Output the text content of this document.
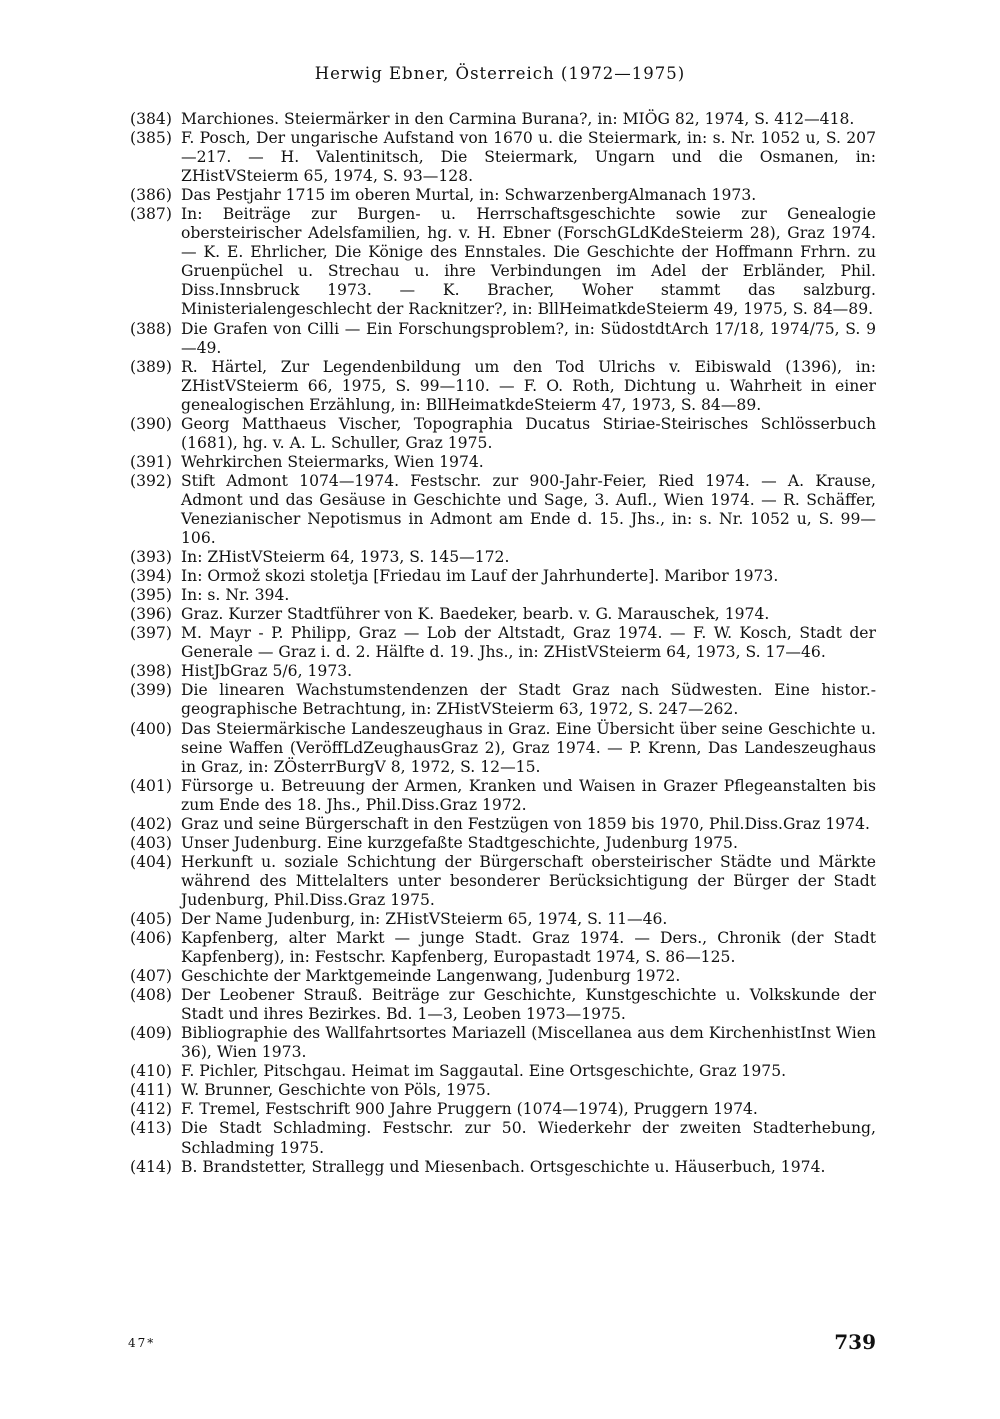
Herwig Ebner, Österreich (1972—1975)
(384) Marchiones. Steiermärker in den Carmina Burana?, in: MIÖG 82, 1974, S. 412—418.
(385) F. Posch, Der ungarische Aufstand von 1670 u. die Steiermark, in: s. Nr. 1052 u, S. 207—217. — H. Valentinitsch, Die Steiermark, Ungarn und die Osmanen, in: ZHistVSteierm 65, 1974, S. 93—128.
(386) Das Pestjahr 1715 im oberen Murtal, in: SchwarzenbergAlmanach 1973.
(387) In: Beiträge zur Burgen- u. Herrschaftsgeschichte sowie zur Genealogie obersteirischer Adelsfamilien, hg. v. H. Ebner (ForschGLdKdeSteierm 28), Graz 1974. — K. E. Ehrlicher, Die Könige des Ennstales. Die Geschichte der Hoffmann Frhrn. zu Gruenpüchel u. Strechau u. ihre Verbindungen im Adel der Erbländer, Phil. Diss.Innsbruck 1973. — K. Bracher, Woher stammt das salzburg. Ministerialengeschlecht der Racknitzer?, in: BllHeimatkdeSteierm 49, 1975, S. 84—89.
(388) Die Grafen von Cilli — Ein Forschungsproblem?, in: SüdostdtArch 17/18, 1974/75, S. 9—49.
(389) R. Härtel, Zur Legendenbildung um den Tod Ulrichs v. Eibiswald (1396), in: ZHistVSteierm 66, 1975, S. 99—110. — F. O. Roth, Dichtung u. Wahrheit in einer genealogischen Erzählung, in: BllHeimatkdeSteierm 47, 1973, S. 84—89.
(390) Georg Matthaeus Vischer, Topographia Ducatus Stiriae-Steirisches Schlösserbuch (1681), hg. v. A. L. Schuller, Graz 1975.
(391) Wehrkirchen Steiermarks, Wien 1974.
(392) Stift Admont 1074—1974. Festschr. zur 900-Jahr-Feier, Ried 1974. — A. Krause, Admont und das Gesäuse in Geschichte und Sage, 3. Aufl., Wien 1974. — R. Schäffer, Venezianischer Nepotismus in Admont am Ende d. 15. Jhs., in: s. Nr. 1052 u, S. 99—106.
(393) In: ZHistVSteierm 64, 1973, S. 145—172.
(394) In: Ormož skozi stoletja [Friedau im Lauf der Jahrhunderte]. Maribor 1973.
(395) In: s. Nr. 394.
(396) Graz. Kurzer Stadtführer von K. Baedeker, bearb. v. G. Marauschek, 1974.
(397) M. Mayr - P. Philipp, Graz — Lob der Altstadt, Graz 1974. — F. W. Kosch, Stadt der Generale — Graz i. d. 2. Hälfte d. 19. Jhs., in: ZHistVSteierm 64, 1973, S. 17—46.
(398) HistJbGraz 5/6, 1973.
(399) Die linearen Wachstumstendenzen der Stadt Graz nach Südwesten. Eine histor.-geographische Betrachtung, in: ZHistVSteierm 63, 1972, S. 247—262.
(400) Das Steiermärkische Landeszeughaus in Graz. Eine Übersicht über seine Geschichte u. seine Waffen (VeröffLdZeughausGraz 2), Graz 1974. — P. Krenn, Das Landeszeughaus in Graz, in: ZÖsterrBurgV 8, 1972, S. 12—15.
(401) Fürsorge u. Betreuung der Armen, Kranken und Waisen in Grazer Pflegeanstalten bis zum Ende des 18. Jhs., Phil.Diss.Graz 1972.
(402) Graz und seine Bürgerschaft in den Festzügen von 1859 bis 1970, Phil.Diss.Graz 1974.
(403) Unser Judenburg. Eine kurzgefaßte Stadtgeschichte, Judenburg 1975.
(404) Herkunft u. soziale Schichtung der Bürgerschaft obersteirischer Städte und Märkte während des Mittelalters unter besonderer Berücksichtigung der Bürger der Stadt Judenburg, Phil.Diss.Graz 1975.
(405) Der Name Judenburg, in: ZHistVSteierm 65, 1974, S. 11—46.
(406) Kapfenberg, alter Markt — junge Stadt. Graz 1974. — Ders., Chronik (der Stadt Kapfenberg), in: Festschr. Kapfenberg, Europastadt 1974, S. 86—125.
(407) Geschichte der Marktgemeinde Langenwang, Judenburg 1972.
(408) Der Leobener Strauß. Beiträge zur Geschichte, Kunstgeschichte u. Volkskunde der Stadt und ihres Bezirkes. Bd. 1—3, Leoben 1973—1975.
(409) Bibliographie des Wallfahrtsortes Mariazell (Miscellanea aus dem KirchenhistInst Wien 36), Wien 1973.
(410) F. Pichler, Pitschgau. Heimat im Saggautal. Eine Ortsgeschichte, Graz 1975.
(411) W. Brunner, Geschichte von Pöls, 1975.
(412) F. Tremel, Festschrift 900 Jahre Pruggern (1074—1974), Pruggern 1974.
(413) Die Stadt Schladming. Festschr. zur 50. Wiederkehr der zweiten Stadterhebung, Schladming 1975.
(414) B. Brandstetter, Strallegg und Miesenbach. Ortsgeschichte u. Häuserbuch, 1974.
47*	739
